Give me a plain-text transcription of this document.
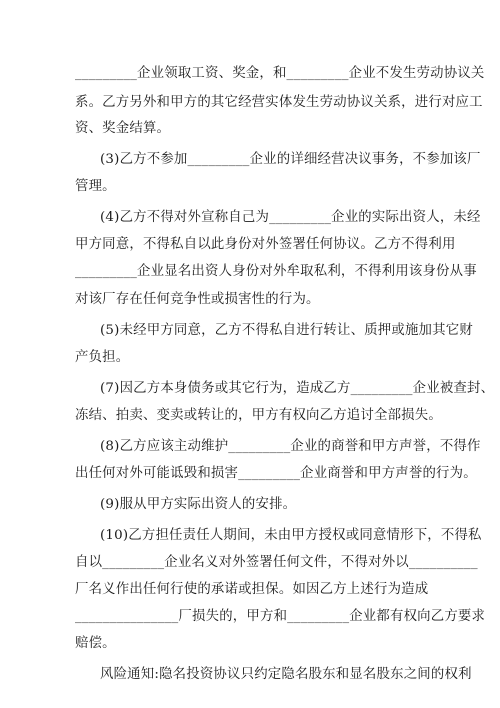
_________企业领取工资、奖金，和_________企业不发生劳动协议关
系。乙方另外和甲方的其它经营实体发生劳动协议关系，进行对应工
资、奖金结算。
(3)乙方不参加_________企业的详细经营决议事务，不参加该厂
管理。
(4)乙方不得对外宣称自己为_________企业的实际出资人，未经
甲方同意，不得私自以此身份对外签署任何协议。乙方不得利用
_________企业显名出资人身份对外牟取私利，不得利用该身份从事
对该厂存在任何竞争性或损害性的行为。
(5)未经甲方同意，乙方不得私自进行转让、质押或施加其它财
产负担。
(7)因乙方本身债务或其它行为，造成乙方_________企业被查封、
冻结、拍卖、变卖或转让的，甲方有权向乙方追讨全部损失。
(8)乙方应该主动维护_________企业的商誉和甲方声誉，不得作
出任何对外可能诋毁和损害_________企业商誉和甲方声誉的行为。
(9)服从甲方实际出资人的安排。
(10)乙方担任责任人期间，未由甲方授权或同意情形下，不得私
自以_________企业名义对外签署任何文件，不得对外以__________
厂名义作出任何行使的承诺或担保。如因乙方上述行为造成
_______________厂损失的，甲方和_________企业都有权向乙方要求
赔偿。
风险通知:隐名投资协议只约定隐名股东和显名股东之间的权利
